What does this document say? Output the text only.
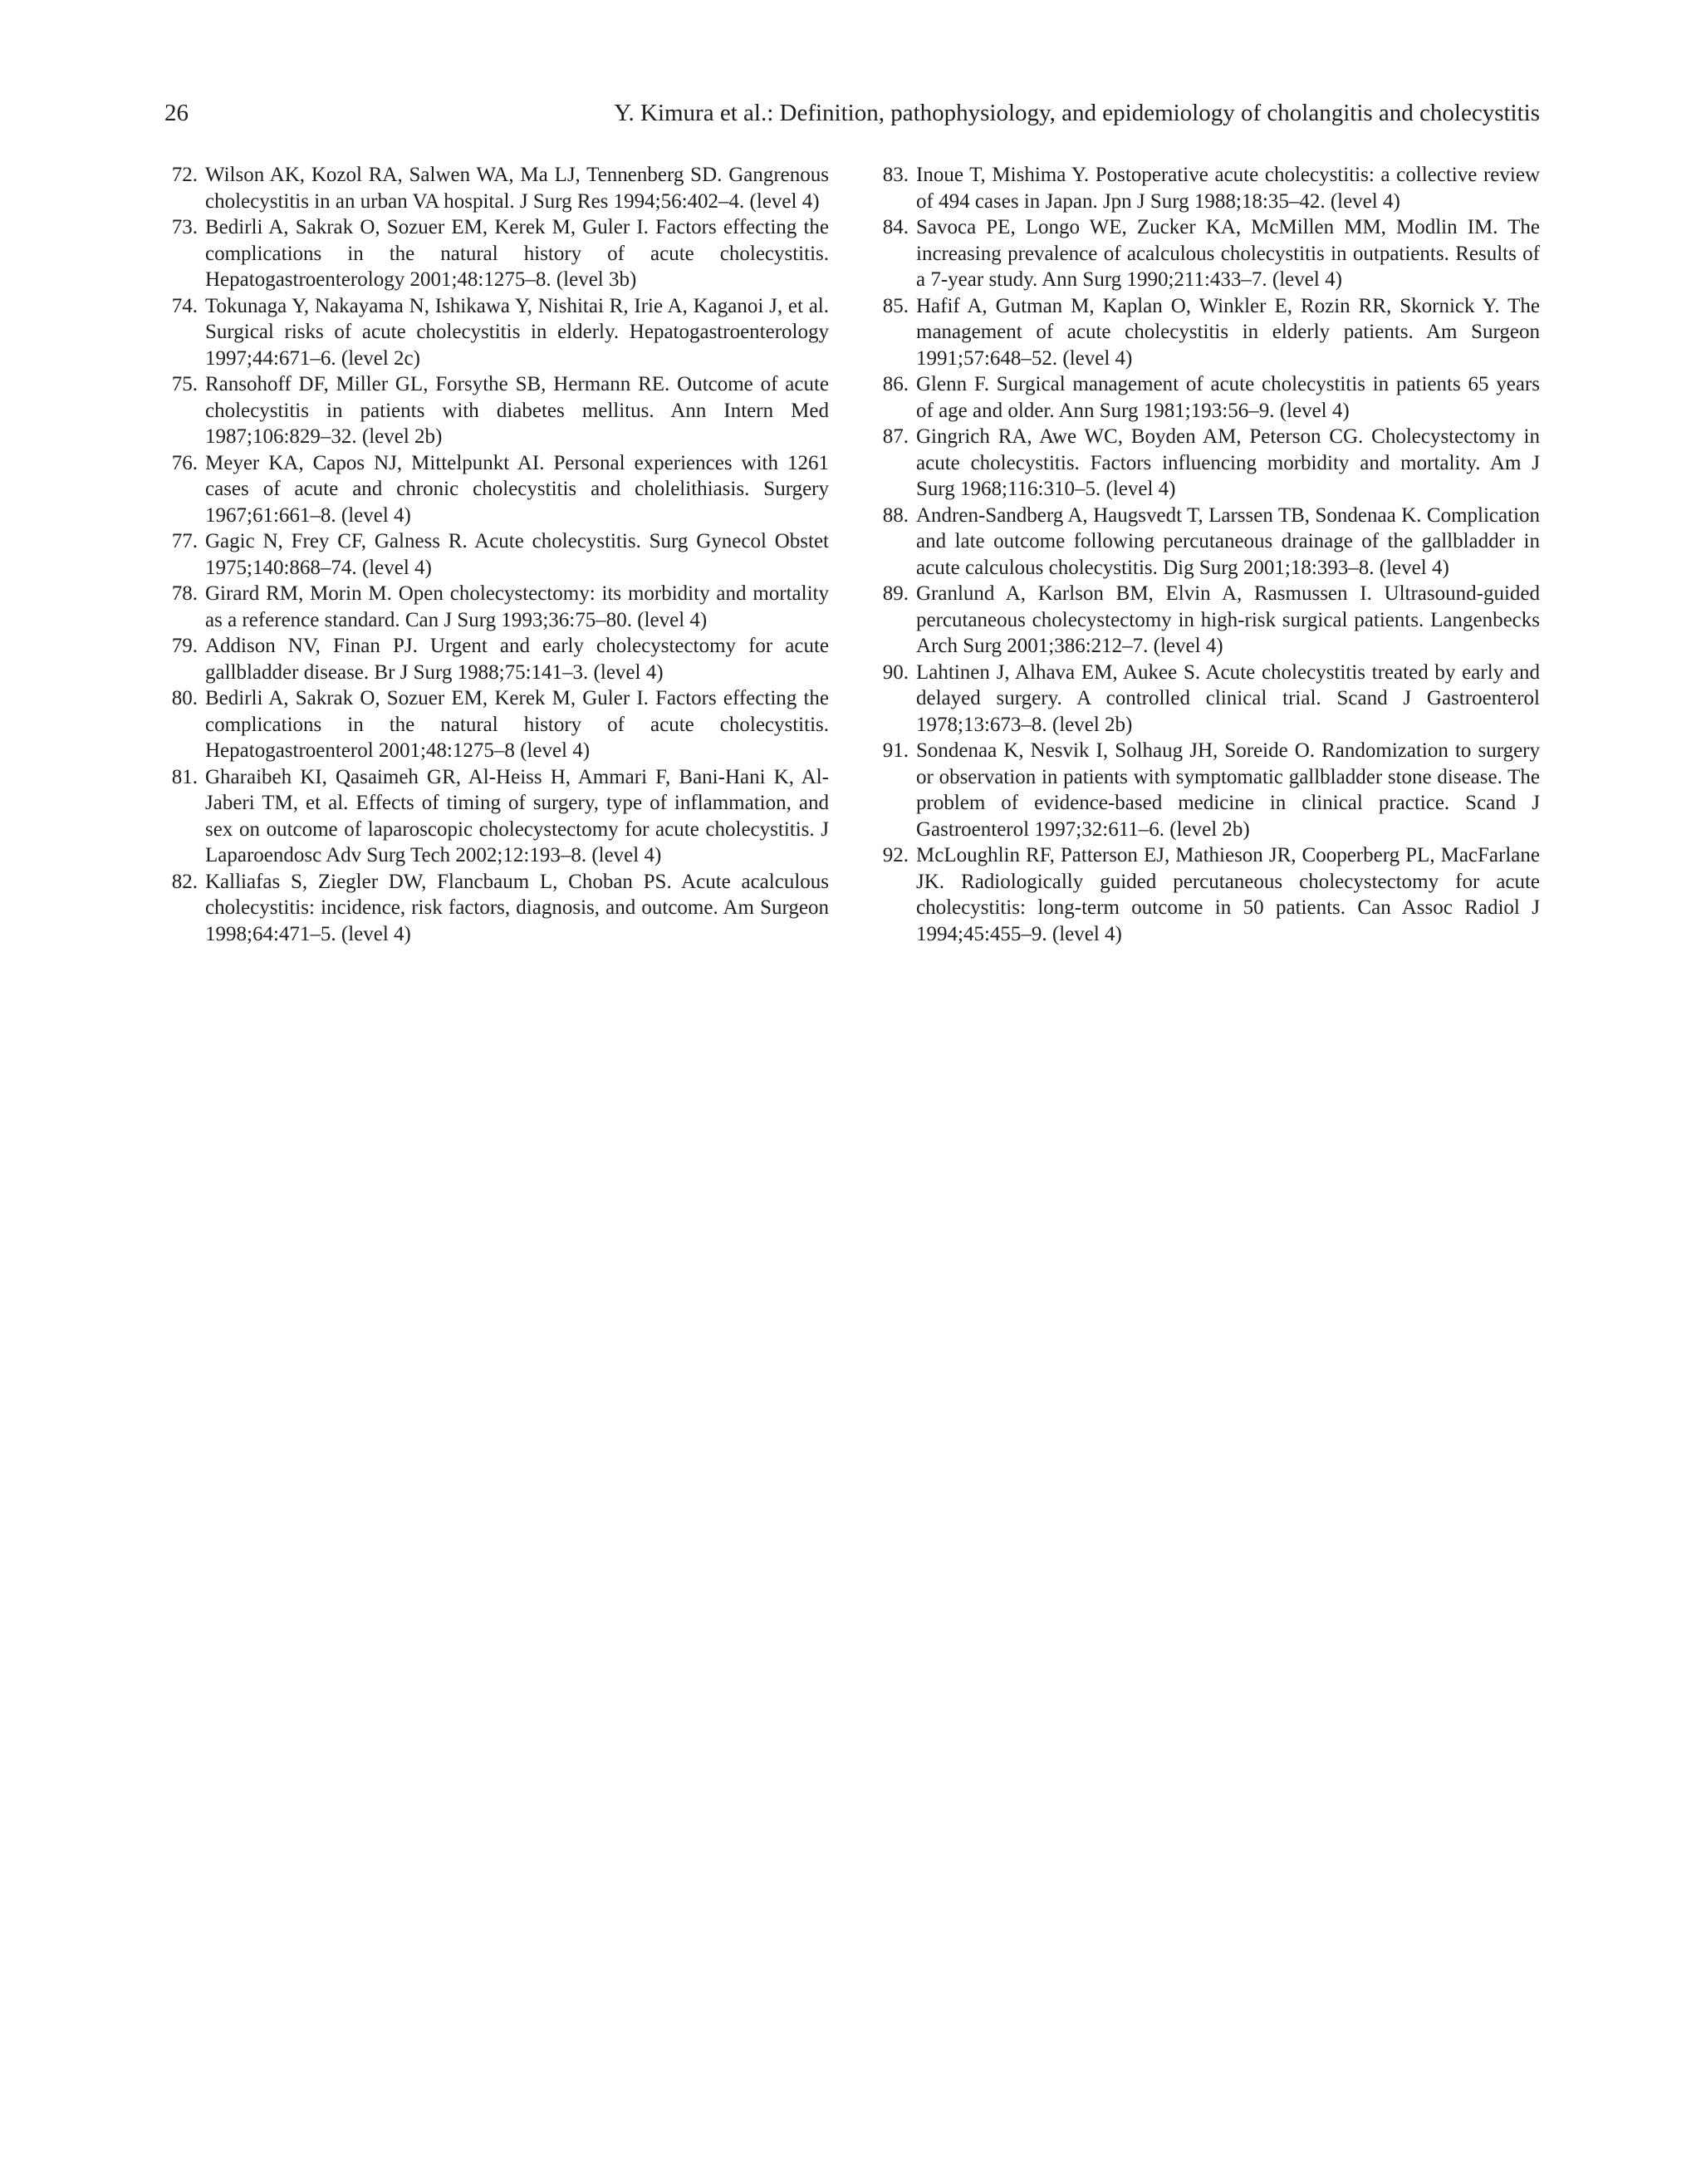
26	Y. Kimura et al.: Definition, pathophysiology, and epidemiology of cholangitis and cholecystitis
72. Wilson AK, Kozol RA, Salwen WA, Ma LJ, Tennenberg SD. Gangrenous cholecystitis in an urban VA hospital. J Surg Res 1994;56:402–4. (level 4)
73. Bedirli A, Sakrak O, Sozuer EM, Kerek M, Guler I. Factors effecting the complications in the natural history of acute cholecystitis. Hepatogastroenterology 2001;48:1275–8. (level 3b)
74. Tokunaga Y, Nakayama N, Ishikawa Y, Nishitai R, Irie A, Kaganoi J, et al. Surgical risks of acute cholecystitis in elderly. Hepatogastroenterology 1997;44:671–6. (level 2c)
75. Ransohoff DF, Miller GL, Forsythe SB, Hermann RE. Outcome of acute cholecystitis in patients with diabetes mellitus. Ann Intern Med 1987;106:829–32. (level 2b)
76. Meyer KA, Capos NJ, Mittelpunkt AI. Personal experiences with 1261 cases of acute and chronic cholecystitis and cholelithiasis. Surgery 1967;61:661–8. (level 4)
77. Gagic N, Frey CF, Galness R. Acute cholecystitis. Surg Gynecol Obstet 1975;140:868–74. (level 4)
78. Girard RM, Morin M. Open cholecystectomy: its morbidity and mortality as a reference standard. Can J Surg 1993;36:75–80. (level 4)
79. Addison NV, Finan PJ. Urgent and early cholecystectomy for acute gallbladder disease. Br J Surg 1988;75:141–3. (level 4)
80. Bedirli A, Sakrak O, Sozuer EM, Kerek M, Guler I. Factors effecting the complications in the natural history of acute cholecystitis. Hepatogastroenterol 2001;48:1275–8 (level 4)
81. Gharaibeh KI, Qasaimeh GR, Al-Heiss H, Ammari F, Bani-Hani K, Al-Jaberi TM, et al. Effects of timing of surgery, type of inflammation, and sex on outcome of laparoscopic cholecystectomy for acute cholecystitis. J Laparoendosc Adv Surg Tech 2002;12:193–8. (level 4)
82. Kalliafas S, Ziegler DW, Flancbaum L, Choban PS. Acute acalculous cholecystitis: incidence, risk factors, diagnosis, and outcome. Am Surgeon 1998;64:471–5. (level 4)
83. Inoue T, Mishima Y. Postoperative acute cholecystitis: a collective review of 494 cases in Japan. Jpn J Surg 1988;18:35–42. (level 4)
84. Savoca PE, Longo WE, Zucker KA, McMillen MM, Modlin IM. The increasing prevalence of acalculous cholecystitis in outpatients. Results of a 7-year study. Ann Surg 1990;211:433–7. (level 4)
85. Hafif A, Gutman M, Kaplan O, Winkler E, Rozin RR, Skornick Y. The management of acute cholecystitis in elderly patients. Am Surgeon 1991;57:648–52. (level 4)
86. Glenn F. Surgical management of acute cholecystitis in patients 65 years of age and older. Ann Surg 1981;193:56–9. (level 4)
87. Gingrich RA, Awe WC, Boyden AM, Peterson CG. Cholecystectomy in acute cholecystitis. Factors influencing morbidity and mortality. Am J Surg 1968;116:310–5. (level 4)
88. Andren-Sandberg A, Haugsvedt T, Larssen TB, Sondenaa K. Complication and late outcome following percutaneous drainage of the gallbladder in acute calculous cholecystitis. Dig Surg 2001;18:393–8. (level 4)
89. Granlund A, Karlson BM, Elvin A, Rasmussen I. Ultrasound-guided percutaneous cholecystectomy in high-risk surgical patients. Langenbecks Arch Surg 2001;386:212–7. (level 4)
90. Lahtinen J, Alhava EM, Aukee S. Acute cholecystitis treated by early and delayed surgery. A controlled clinical trial. Scand J Gastroenterol 1978;13:673–8. (level 2b)
91. Sondenaa K, Nesvik I, Solhaug JH, Soreide O. Randomization to surgery or observation in patients with symptomatic gallbladder stone disease. The problem of evidence-based medicine in clinical practice. Scand J Gastroenterol 1997;32:611–6. (level 2b)
92. McLoughlin RF, Patterson EJ, Mathieson JR, Cooperberg PL, MacFarlane JK. Radiologically guided percutaneous cholecystectomy for acute cholecystitis: long-term outcome in 50 patients. Can Assoc Radiol J 1994;45:455–9. (level 4)
